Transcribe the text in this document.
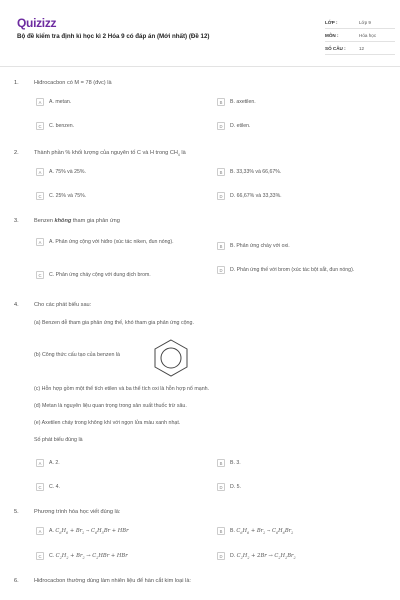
Quizizz
Bộ đề kiểm tra định kì học kì 2 Hóa 9 có đáp án (Mới nhất) (Đề 12)
LỚP :	Lớp 9
MÔN :	Hóa học
SỐ CÂU :	12
1.	Hiđrocacbon có M = 78 (đvc) là
A	A. metan.	B	B. axetilen.
C	C. benzen.	D	D. etilen.
2.	Thành phần % khối lượng của nguyên tố C và H trong $CH_4$ là
A	A. 75% và 25%.	B	B. 33,33% và 66,67%.
C	C. 25% và 75%.	D	D. 66,67% và 33,33%.
3.	Benzen không tham gia phản ứng
A	A. Phản ứng cộng với hiđro (xúc tác niken, đun nóng).
B	B. Phản ứng cháy với oxi.
C	C. Phản ứng cháy cộng với dung dịch brom.
D	D. Phản ứng thế với brom (xúc tác bột sắt, đun nóng).
4.	Cho các phát biểu sau:
(a) Benzen dễ tham gia phản ứng thế, khó tham gia phản ứng cộng.
(b) Công thức cấu tạo của benzen là
(c) Hỗn hợp gồm một thể tích etilen và ba thể tích oxi là hỗn hợp nổ mạnh.
(d) Metan là nguyên liệu quan trọng trong sản xuất thuốc trừ sâu.
(e) Axetilen cháy trong không khí với ngọn lửa màu xanh nhạt.
Số phát biểu đúng là
A	A. 2.	B	B. 3.
C	C. 4.	D	D. 5.
5.	Phương trình hóa học viết đúng là:
A	A. $C_6H_6 + Br_2 \to C_6H_5Br$ + HBr	B	B. $C_6H_6 + Br_2 \to C_6H_6Br_2$
C	C. $C_2H_2 + Br_2 \to C_2HBr$ + HBr	D	D. $C_2H_2 + 2Br \to C_2H_2Br_2$
6.	Hiđrocacbon thường dùng làm nhiên liệu để hàn cắt kim loại là:
